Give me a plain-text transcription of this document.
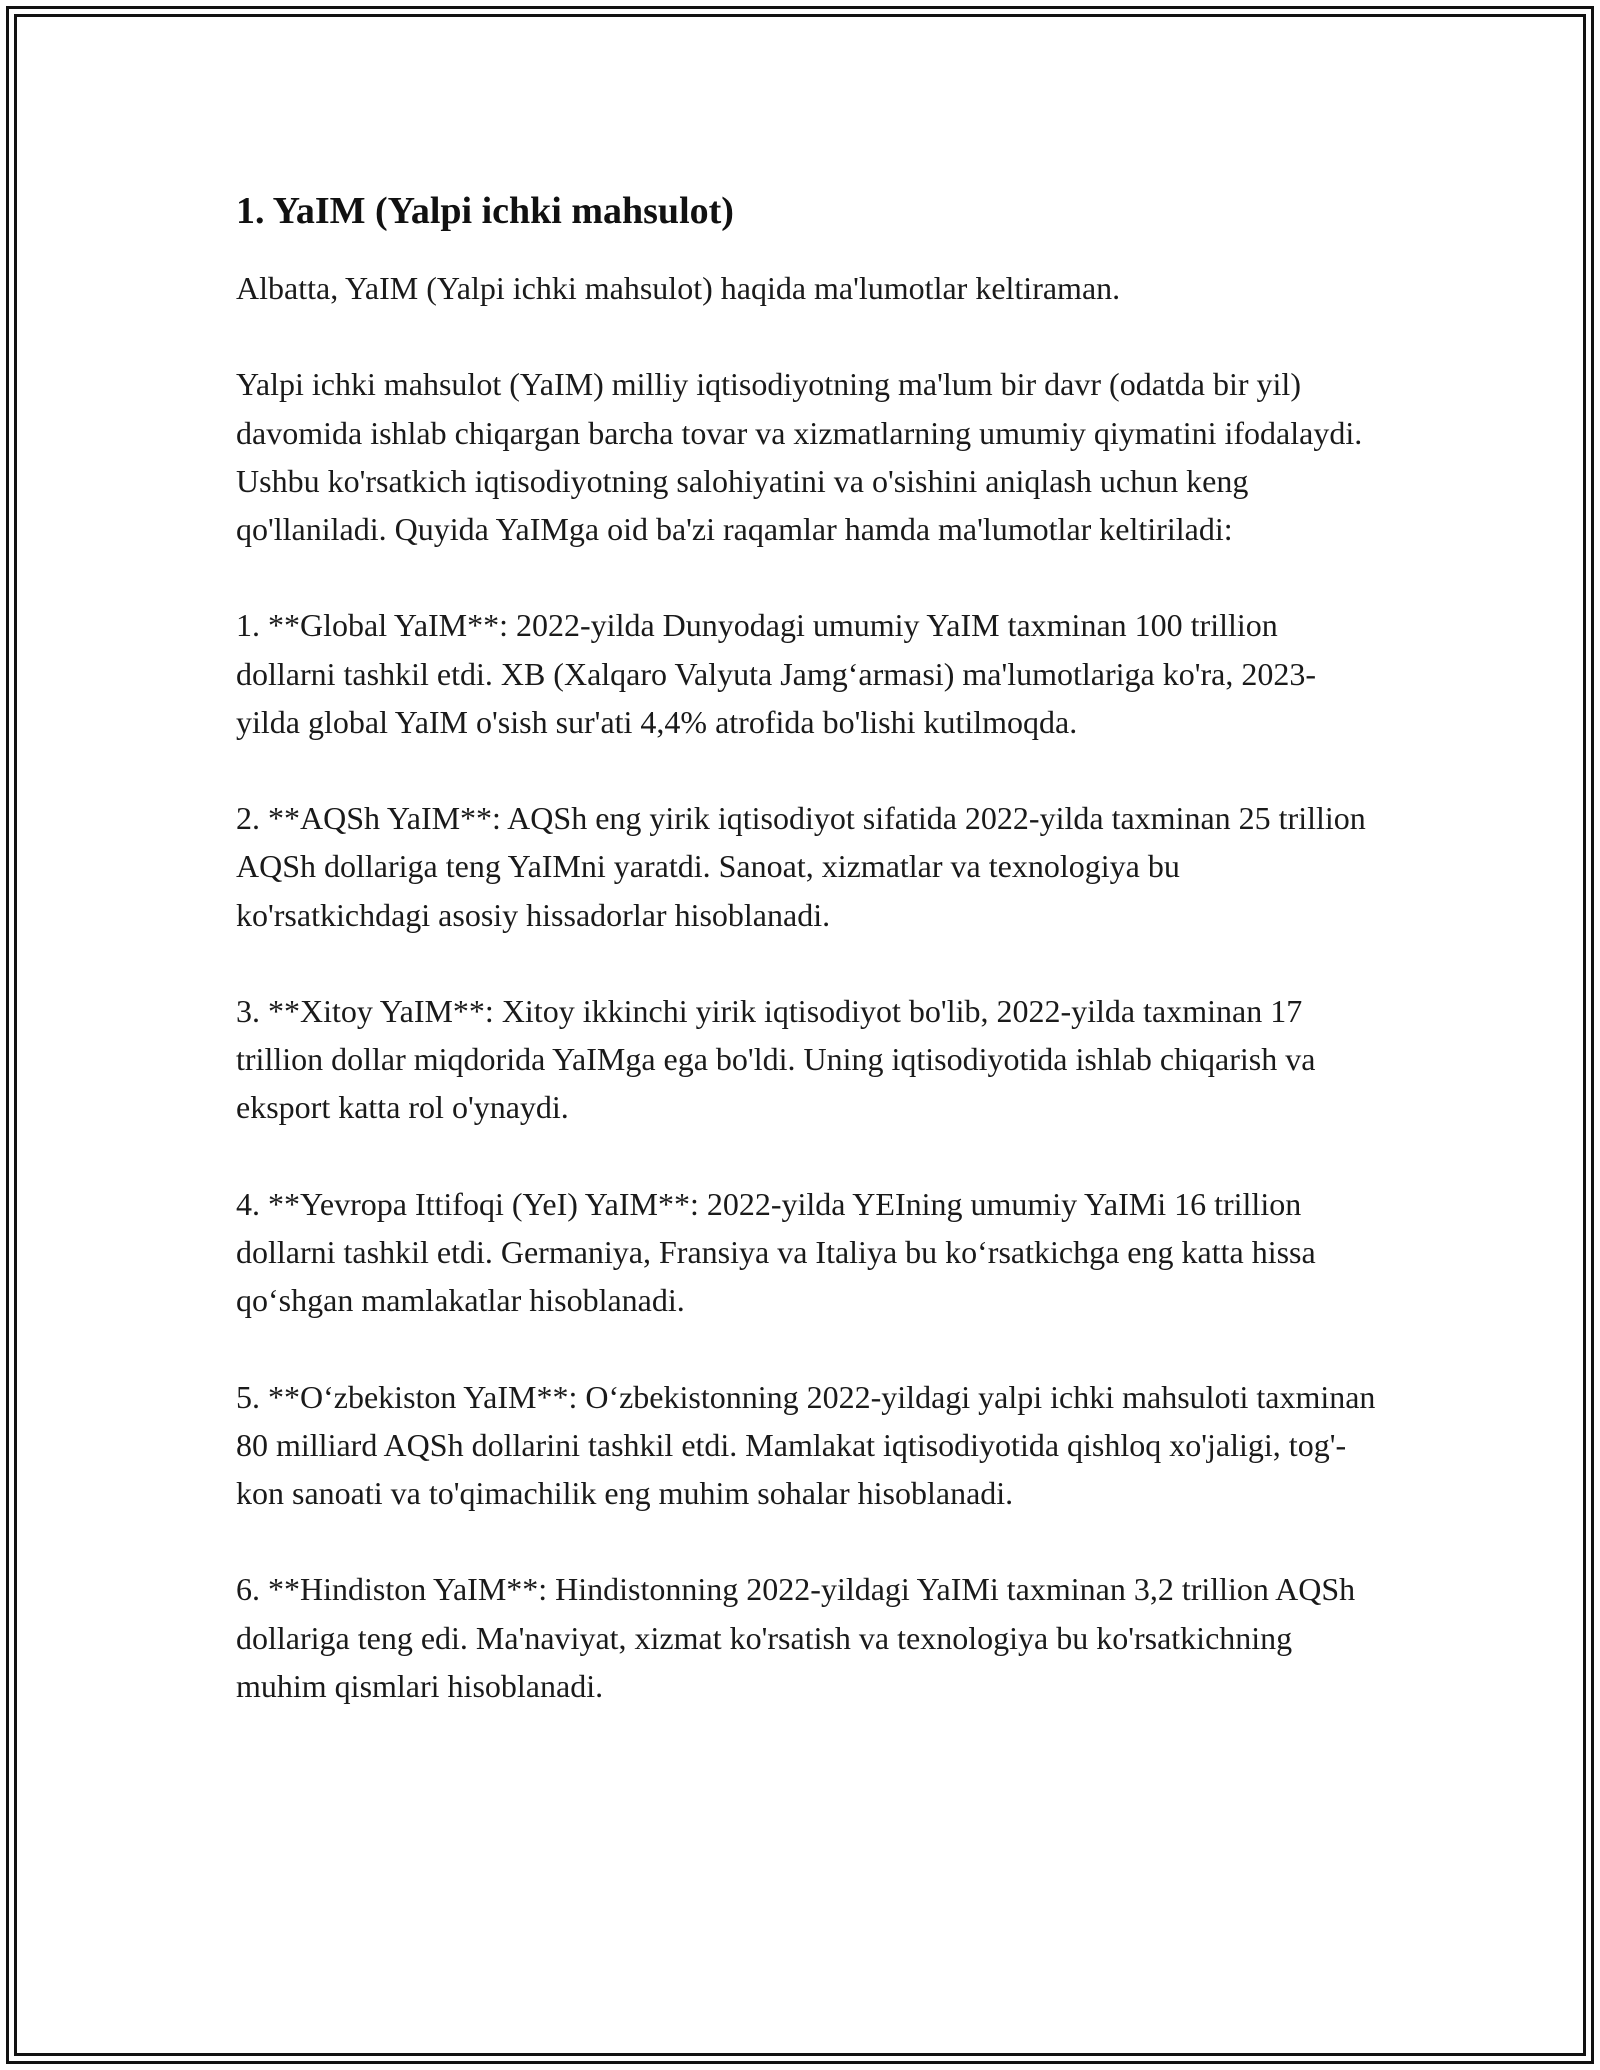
1. YaIM (Yalpi ichki mahsulot)

Albatta, YaIM (Yalpi ichki mahsulot) haqida ma'lumotlar keltiraman.

Yalpi ichki mahsulot (YaIM) milliy iqtisodiyotning ma'lum bir davr (odatda bir yil) davomida ishlab chiqargan barcha tovar va xizmatlarning umumiy qiymatini ifodalaydi. Ushbu ko'rsatkich iqtisodiyotning salohiyatini va o'sishini aniqlash uchun keng qo'llaniladi. Quyida YaIMga oid ba'zi raqamlar hamda ma'lumotlar keltiriladi:

1. **Global YaIM**: 2022-yilda Dunyodagi umumiy YaIM taxminan 100 trillion dollarni tashkil etdi. XB (Xalqaro Valyuta Jamg‘armasi) ma'lumotlariga ko'ra, 2023-yilda global YaIM o'sish sur'ati 4,4% atrofida bo'lishi kutilmoqda.

2. **AQSh YaIM**: AQSh eng yirik iqtisodiyot sifatida 2022-yilda taxminan 25 trillion AQSh dollariga teng YaIMni yaratdi. Sanoat, xizmatlar va texnologiya bu ko'rsatkichdagi asosiy hissadorlar hisoblanadi.

3. **Xitoy YaIM**: Xitoy ikkinchi yirik iqtisodiyot bo'lib, 2022-yilda taxminan 17 trillion dollar miqdorida YaIMga ega bo'ldi. Uning iqtisodiyotida ishlab chiqarish va eksport katta rol o'ynaydi.

4. **Yevropa Ittifoqi (YeI) YaIM**: 2022-yilda YEIning umumiy YaIMi 16 trillion dollarni tashkil etdi. Germaniya, Fransiya va Italiya bu ko‘rsatkichga eng katta hissa qo‘shgan mamlakatlar hisoblanadi.

5. **O‘zbekiston YaIM**: O‘zbekistonning 2022-yildagi yalpi ichki mahsuloti taxminan 80 milliard AQSh dollarini tashkil etdi. Mamlakat iqtisodiyotida qishloq xo'jaligi, tog'-kon sanoati va to'qimachilik eng muhim sohalar hisoblanadi.

6. **Hindiston YaIM**: Hindistonning 2022-yildagi YaIMi taxminan 3,2 trillion AQSh dollariga teng edi. Ma'naviyat, xizmat ko'rsatish va texnologiya bu ko'rsatkichning muhim qismlari hisoblanadi.
